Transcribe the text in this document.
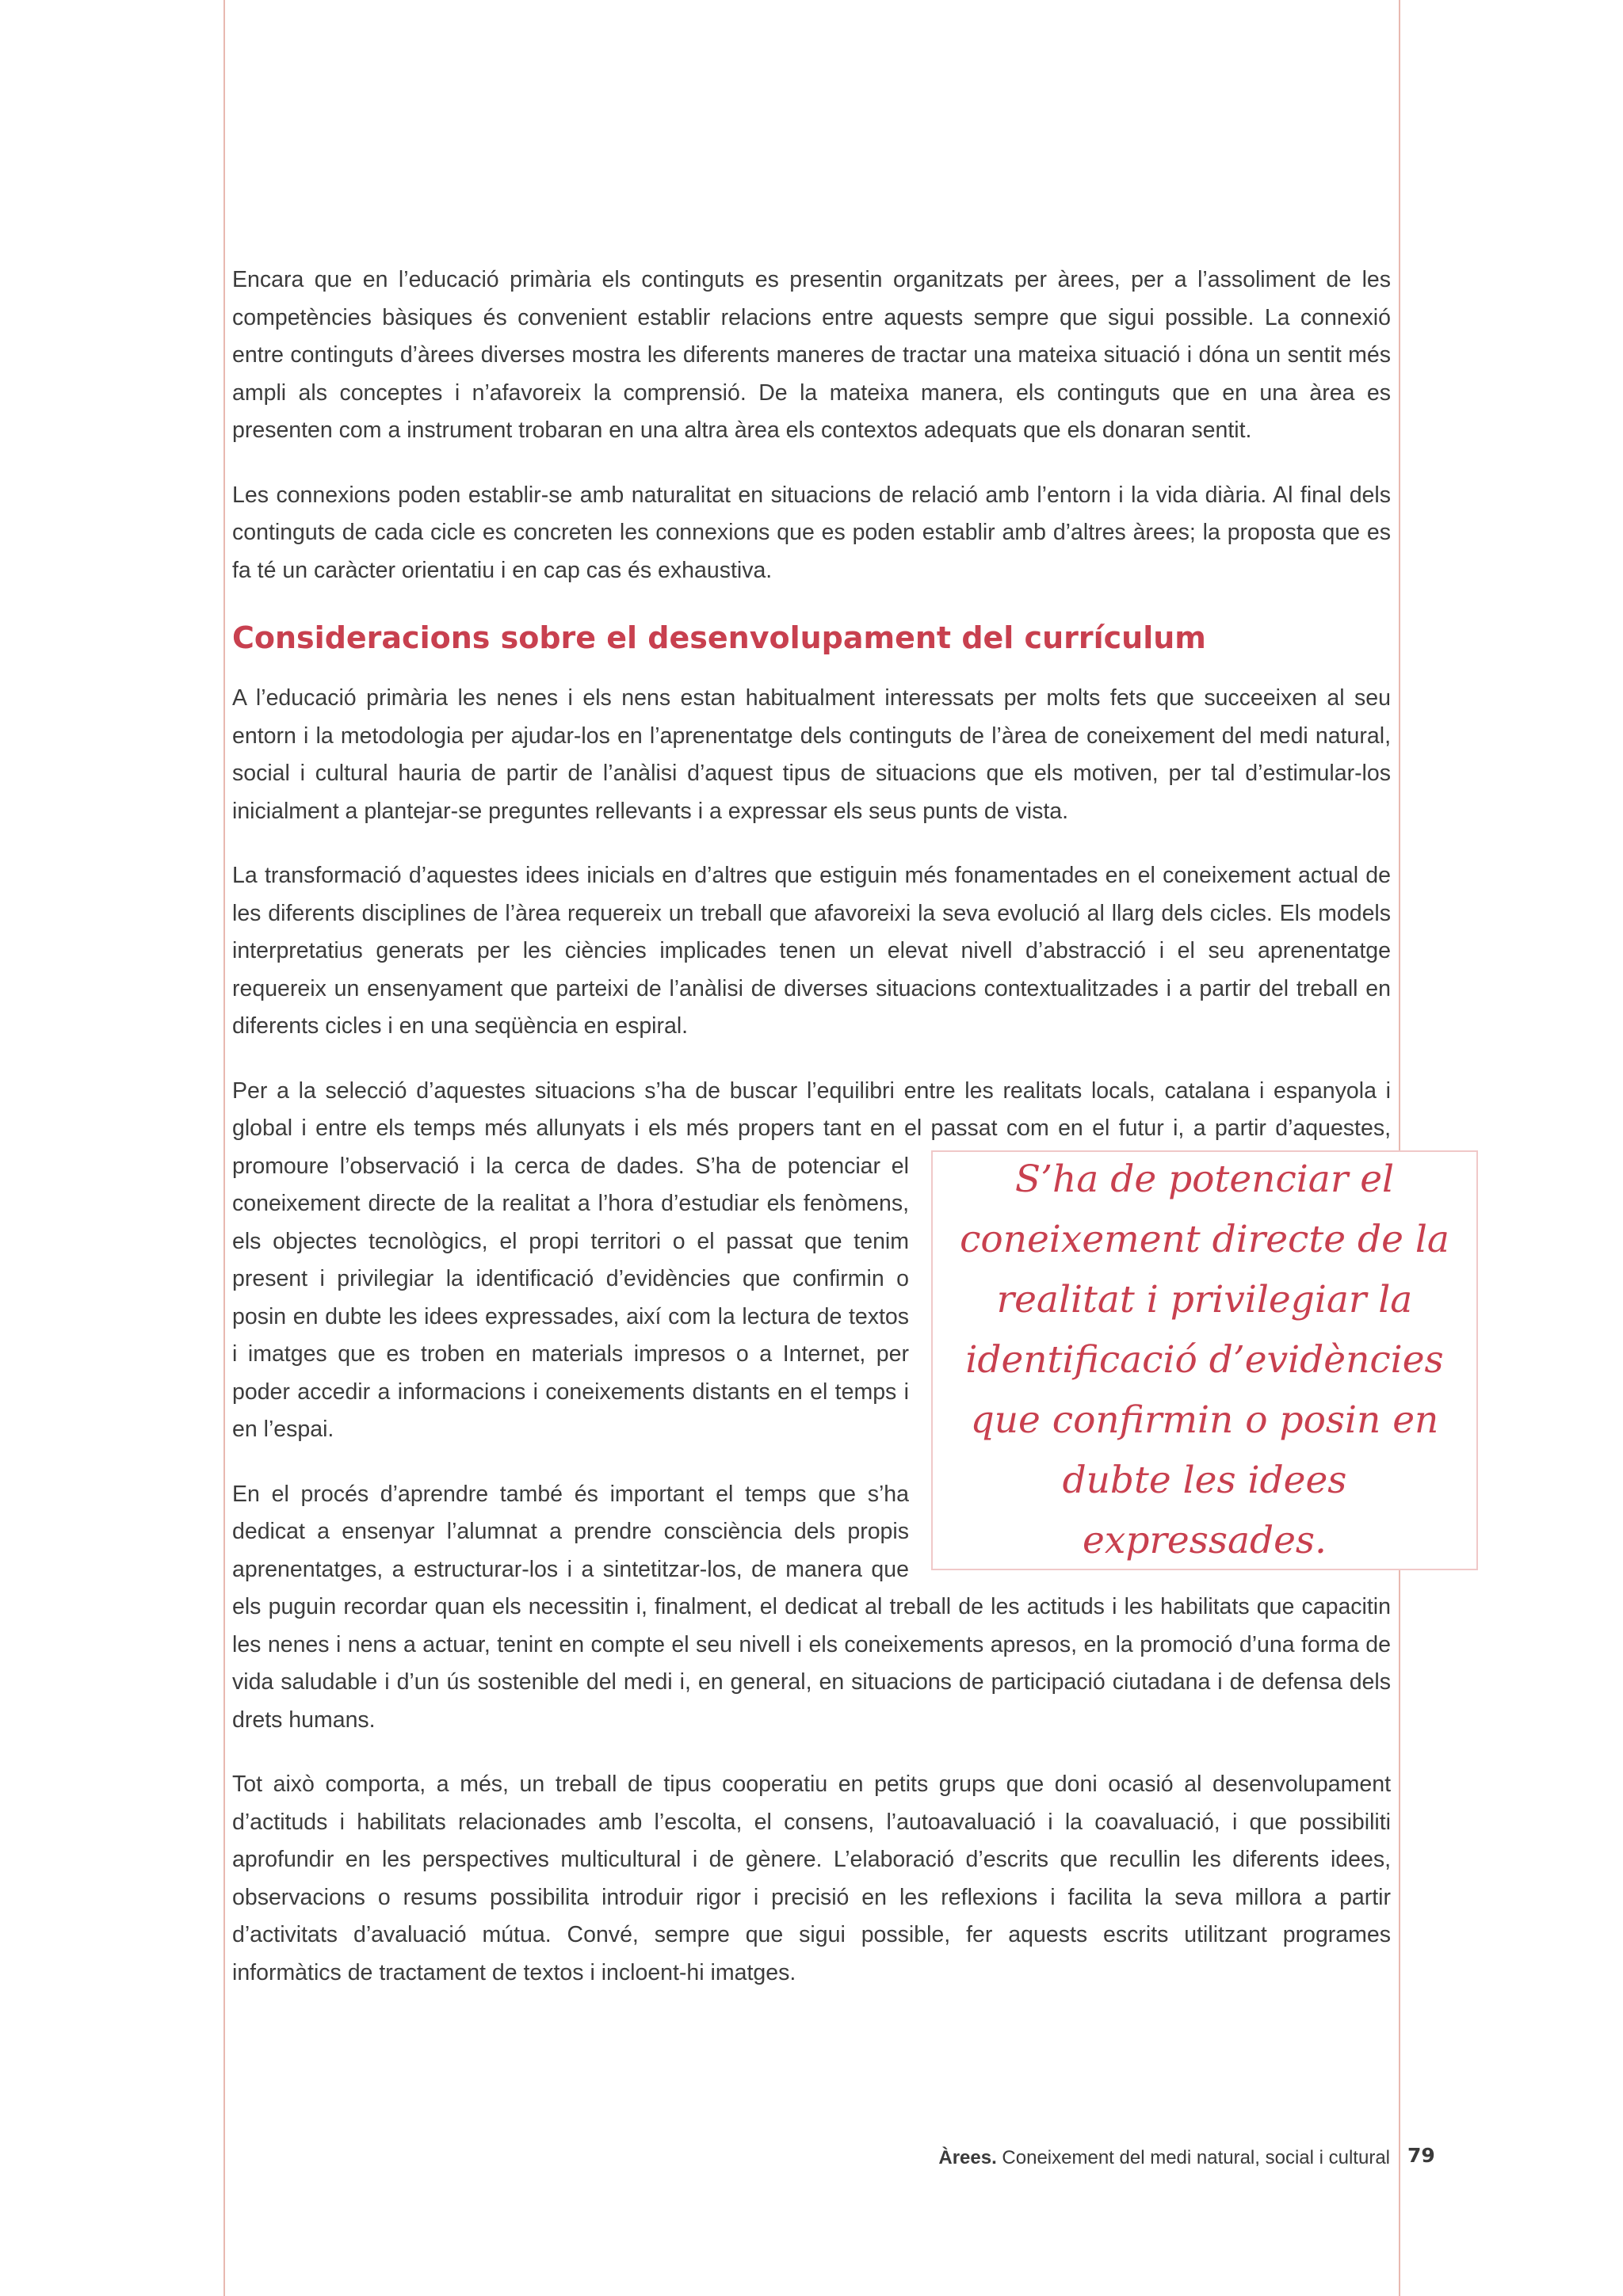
Encara que en l’educació primària els continguts es presentin organitzats per àrees, per a l’assoliment de les competències bàsiques és convenient establir relacions entre aquests sempre que sigui possible. La connexió entre continguts d’àrees diverses mostra les diferents maneres de tractar una mateixa situació i dóna un sentit més ampli als conceptes i n’afavoreix la comprensió. De la mateixa manera, els continguts que en una àrea es presenten com a instrument trobaran en una altra àrea els contextos adequats que els donaran sentit.

Les connexions poden establir-se amb naturalitat en situacions de relació amb l’entorn i la vida diària. Al final dels continguts de cada cicle es concreten les connexions que es poden establir amb d’altres àrees; la proposta que es fa té un caràcter orientatiu i en cap cas és exhaustiva.

Consideracions sobre el desenvolupament del currículum

A l’educació primària les nenes i els nens estan habitualment interessats per molts fets que succeeixen al seu entorn i la metodologia per ajudar-los en l’aprenentatge dels continguts de l’àrea de coneixement del medi natural, social i cultural hauria de partir de l’anàlisi d’aquest tipus de situacions que els motiven, per tal d’estimular-los inicialment a plantejar-se preguntes rellevants i a expressar els seus punts de vista.

S’ha de potenciar el coneixement directe de la realitat i privilegiar la identificació d’evidències que confirmin o posin en dubte les idees expressades.

La transformació d’aquestes idees inicials en d’altres que estiguin més fonamentades en el coneixement actual de les diferents disciplines de l’àrea requereix un treball que afavoreixi la seva evolució al llarg dels cicles. Els models interpretatius generats per les ciències implicades tenen un elevat nivell d’abstracció i el seu aprenentatge requereix un ensenyament que parteixi de l’anàlisi de diverses situacions contextualitzades i a partir del treball en diferents cicles i en una seqüència en espiral.

Per a la selecció d’aquestes situacions s’ha de buscar l’equilibri entre les realitats locals, catalana i espanyola i global i entre els temps més allunyats i els més propers tant en el passat com en el futur i, a partir d’aquestes, promoure l’observació i la cerca de dades. S’ha de potenciar el coneixement directe de la realitat a l’hora d’estudiar els fenòmens, els objectes tecnològics, el propi territori o el passat que tenim present i privilegiar la identificació d’evidències que confirmin o posin en dubte les idees expressades, així com la lectura de textos i imatges que es troben en materials impresos o a Internet, per poder accedir a informacions i coneixements distants en el temps i en l’espai.

En el procés d’aprendre també és important el temps que s’ha dedicat a ensenyar l’alumnat a prendre consciència dels propis aprenentatges, a estructurar-los i a sintetitzar-los, de manera que els puguin recordar quan els necessitin i, finalment, el dedicat al treball de les actituds i les habilitats que capacitin les nenes i nens a actuar, tenint en compte el seu nivell i els coneixements apresos, en la promoció d’una forma de vida saludable i d’un ús sostenible del medi i, en general, en situacions de participació ciutadana i de defensa dels drets humans.

Tot això comporta, a més, un treball de tipus cooperatiu en petits grups que doni ocasió al desenvolupament d’actituds i habilitats relacionades amb l’escolta, el consens, l’autoavaluació i la coavaluació, i que possibiliti aprofundir en les perspectives multicultural i de gènere. L’elaboració d’escrits que recullin les diferents idees, observacions o resums possibilita introduir rigor i precisió en les reflexions i facilita la seva millora a partir d’activitats d’avaluació mútua. Convé, sempre que sigui possible, fer aquests escrits utilitzant programes informàtics de tractament de textos i incloent-hi imatges.

Àrees. Coneixement del medi natural, social i cultural 79
